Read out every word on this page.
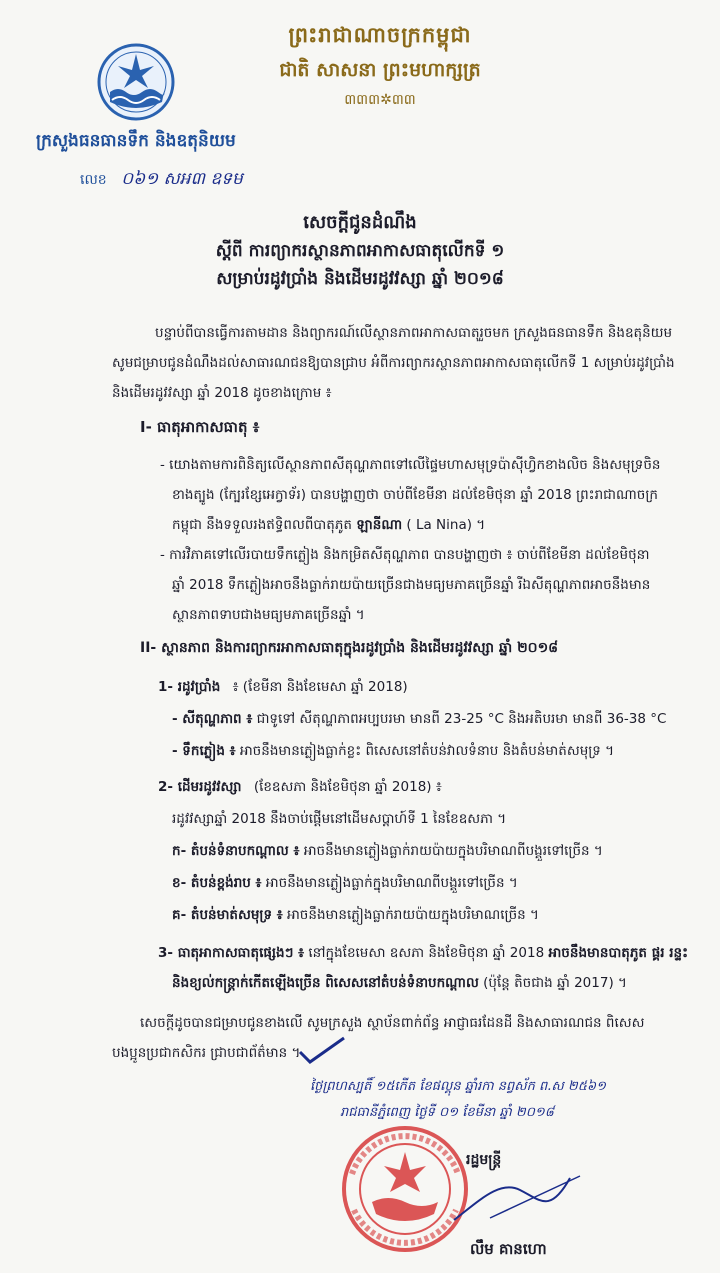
ព្រះរាជាណាចក្រកម្ពុជា
ជាតិ សាសនា ព្រះមហាក្សត្រ
៣៣៣✲៣៣
ក្រសួងធនធានទឹក និងឧតុនិយម
លេខ ០៦១ សអ៣ ឧទម
សេចក្តីជូនដំណឹង
ស្តីពី ការព្យាករស្ថានភាពអាកាសធាតុលើកទី ១
សម្រាប់រដូវប្រាំង និងដើមរដូវវស្សា ឆ្នាំ ២០១៨
បន្ទាប់ពីបានធ្វើការតាមដាន និងព្យាករណ៍លើស្ថានភាពអាកាសធាតុរួចមក ក្រសួងធនធានទឹក និងឧតុនិយម
សូមជម្រាបជូនដំណឹងដល់សាធារណជនឱ្យបានជ្រាប អំពីការព្យាករស្ថានភាពអាកាសធាតុលើកទី 1 សម្រាប់រដូវប្រាំង
និងដើមរដូវវស្សា ឆ្នាំ 2018 ដូចខាងក្រោម ៖
I- ធាតុអាកាសធាតុ ៖
- យោងតាមការពិនិត្យលើស្ថានភាពសីតុណ្ហភាពទៅលើផ្ទៃមហាសមុទ្រប៉ាស៊ីហ្វិកខាងលិច និងសមុទ្រចិន
ខាងត្បូង (ក្បែរខ្សែអេក្វាទ័រ) បានបង្ហាញថា ចាប់ពីខែមីនា ដល់ខែមិថុនា ឆ្នាំ 2018 ព្រះរាជាណាចក្រ
កម្ពុជា នឹងទទួលរងឥទ្ធិពលពីបាតុភូត ឡានីណា ( La Nina) ។
- ការវិភាគទៅលើរបាយទឹកភ្លៀង និងកម្រិតសីតុណ្ហភាព បានបង្ហាញថា ៖ ចាប់ពីខែមីនា ដល់ខែមិថុនា
ឆ្នាំ 2018 ទឹកភ្លៀងអាចនឹងធ្លាក់រាយប៉ាយច្រើនជាងមធ្យមភាគច្រើនឆ្នាំ រីឯសីតុណ្ហភាពអាចនឹងមាន
ស្ថានភាពទាបជាងមធ្យមភាគច្រើនឆ្នាំ ។
II- ស្ថានភាព និងការព្យាករអាកាសធាតុក្នុងរដូវប្រាំង និងដើមរដូវវស្សា ឆ្នាំ ២០១៨
1- រដូវប្រាំង ៖ (ខែមីនា និងខែមេសា ឆ្នាំ 2018)
- សីតុណ្ហភាព ៖ ជាទូទៅ សីតុណ្ហភាពអប្បបរមា មានពី 23-25 °C និងអតិបរមា មានពី 36-38 °C
- ទឹកភ្លៀង ៖ អាចនឹងមានភ្លៀងធ្លាក់ខ្លះ ពិសេសនៅតំបន់វាលទំនាប និងតំបន់មាត់សមុទ្រ ។
2- ដើមរដូវវស្សា (ខែឧសភា និងខែមិថុនា ឆ្នាំ 2018) ៖
រដូវវស្សាឆ្នាំ 2018 នឹងចាប់ផ្តើមនៅដើមសប្តាហ៍ទី 1 នៃខែឧសភា ។
ក- តំបន់ទំនាបកណ្តាល ៖ អាចនឹងមានភ្លៀងធ្លាក់រាយប៉ាយក្នុងបរិមាណពីបង្គួរទៅច្រើន ។
ខ- តំបន់ខ្ពង់រាប ៖ អាចនឹងមានភ្លៀងធ្លាក់ក្នុងបរិមាណពីបង្គួរទៅច្រើន ។
គ- តំបន់មាត់សមុទ្រ ៖ អាចនឹងមានភ្លៀងធ្លាក់រាយប៉ាយក្នុងបរិមាណច្រើន ។
3- ធាតុអាកាសធាតុផ្សេងៗ ៖ នៅក្នុងខែមេសា ឧសភា និងខែមិថុនា ឆ្នាំ 2018 អាចនឹងមានបាតុភូត ផ្គរ រន្ទះ
និងខ្យល់កន្ត្រាក់កើតឡើងច្រើន ពិសេសនៅតំបន់ទំនាបកណ្តាល (ប៉ុន្តែ តិចជាង ឆ្នាំ 2017) ។
សេចក្តីដូចបានជម្រាបជូនខាងលើ សូមក្រសួង ស្ថាប័នពាក់ព័ន្ធ អាជ្ញាធរដែនដី និងសាធារណជន ពិសេស
បងប្អូនប្រជាកសិករ ជ្រាបជាព័ត៌មាន ។
ថ្ងៃព្រហស្បតិ៍ ១៥កើត ខែផល្គុន ឆ្នាំរកា នព្វស័ក ព.ស ២៥៦១
រាជធានីភ្នំពេញ ថ្ងៃទី ០១ ខែមីនា ឆ្នាំ ២០១៨
រដ្ឋមន្ត្រី
លឹម គានហោ
